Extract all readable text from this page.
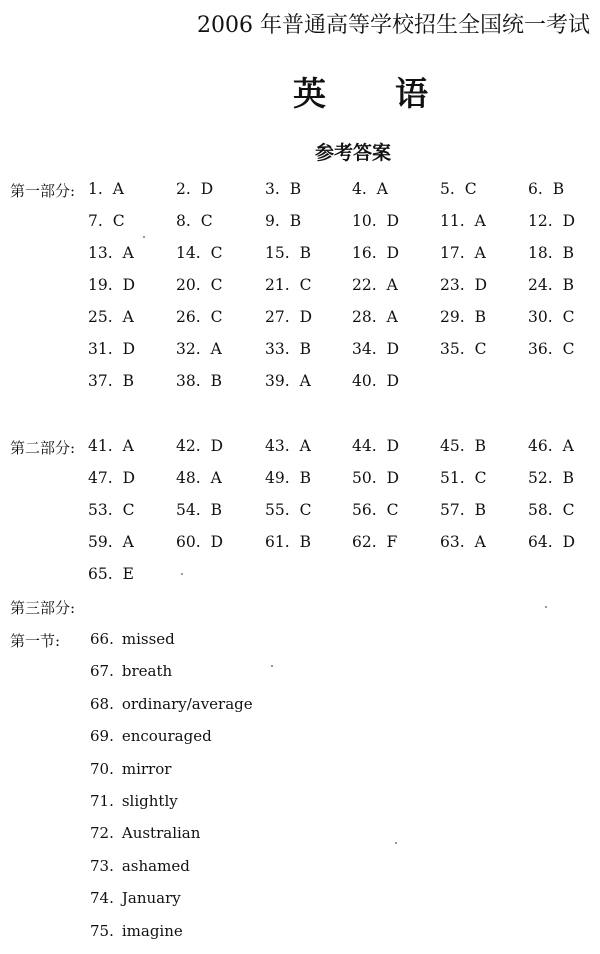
2006 年普通高等学校招生全国统一考试
英 语
参考答案
第一部分: 1. A	2. D	3. B	4. A	5. C	6. B
7. C	8. C	9. B	10. D	11. A	12. D
13. A	14. C	15. B	16. D	17. A	18. B
19. D	20. C	21. C	22. A	23. D	24. B
25. A	26. C	27. D	28. A	29. B	30. C
31. D	32. A	33. B	34. D	35. C	36. C
37. B	38. B	39. A	40. D
第二部分: 41. A	42. D	43. A	44. D	45. B	46. A
47. D	48. A	49. B	50. D	51. C	52. B
53. C	54. B	55. C	56. C	57. B	58. C
59. A	60. D	61. B	62. F	63. A	64. D
65. E
第三部分:
第一节: 66. missed
67. breath
68. ordinary/average
69. encouraged
70. mirror
71. slightly
72. Australian
73. ashamed
74. January
75. imagine
